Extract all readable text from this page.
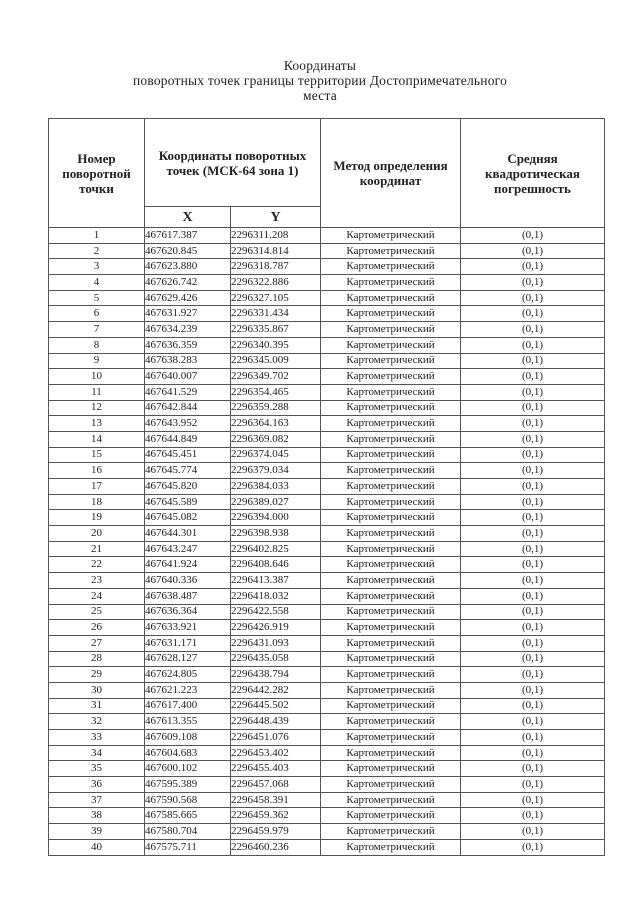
Координаты
поворотных точек границы территории Достопримечательного
места
Номер поворотной точки	Координаты поворотных точек (МСК-64 зона 1)		Метод определения координат	Средняя квадротическая погрешность
	X	Y		
1	467617.387	2296311.208	Картометрический	(0,1)
2	467620.845	2296314.814	Картометрический	(0,1)
3	467623.880	2296318.787	Картометрический	(0,1)
4	467626.742	2296322.886	Картометрический	(0,1)
5	467629.426	2296327.105	Картометрический	(0,1)
6	467631.927	2296331.434	Картометрический	(0,1)
7	467634.239	2296335.867	Картометрический	(0,1)
8	467636.359	2296340.395	Картометрический	(0,1)
9	467638.283	2296345.009	Картометрический	(0,1)
10	467640.007	2296349.702	Картометрический	(0,1)
11	467641.529	2296354.465	Картометрический	(0,1)
12	467642.844	2296359.288	Картометрический	(0,1)
13	467643.952	2296364.163	Картометрический	(0,1)
14	467644.849	2296369.082	Картометрический	(0,1)
15	467645.451	2296374.045	Картометрический	(0,1)
16	467645.774	2296379.034	Картометрический	(0,1)
17	467645.820	2296384.033	Картометрический	(0,1)
18	467645.589	2296389.027	Картометрический	(0,1)
19	467645.082	2296394.000	Картометрический	(0,1)
20	467644.301	2296398.938	Картометрический	(0,1)
21	467643.247	2296402.825	Картометрический	(0,1)
22	467641.924	2296408.646	Картометрический	(0,1)
23	467640.336	2296413.387	Картометрический	(0,1)
24	467638.487	2296418.032	Картометрический	(0,1)
25	467636.364	2296422.558	Картометрический	(0,1)
26	467633.921	2296426.919	Картометрический	(0,1)
27	467631.171	2296431.093	Картометрический	(0,1)
28	467628.127	2296435.058	Картометрический	(0,1)
29	467624.805	2296438.794	Картометрический	(0,1)
30	467621.223	2296442.282	Картометрический	(0,1)
31	467617.400	2296445.502	Картометрический	(0,1)
32	467613.355	2296448.439	Картометрический	(0,1)
33	467609.108	2296451.076	Картометрический	(0,1)
34	467604.683	2296453.402	Картометрический	(0,1)
35	467600.102	2296455.403	Картометрический	(0,1)
36	467595.389	2296457.068	Картометрический	(0,1)
37	467590.568	2296458.391	Картометрический	(0,1)
38	467585.665	2296459.362	Картометрический	(0,1)
39	467580.704	2296459.979	Картометрический	(0,1)
40	467575.711	2296460.236	Картометрический	(0,1)
